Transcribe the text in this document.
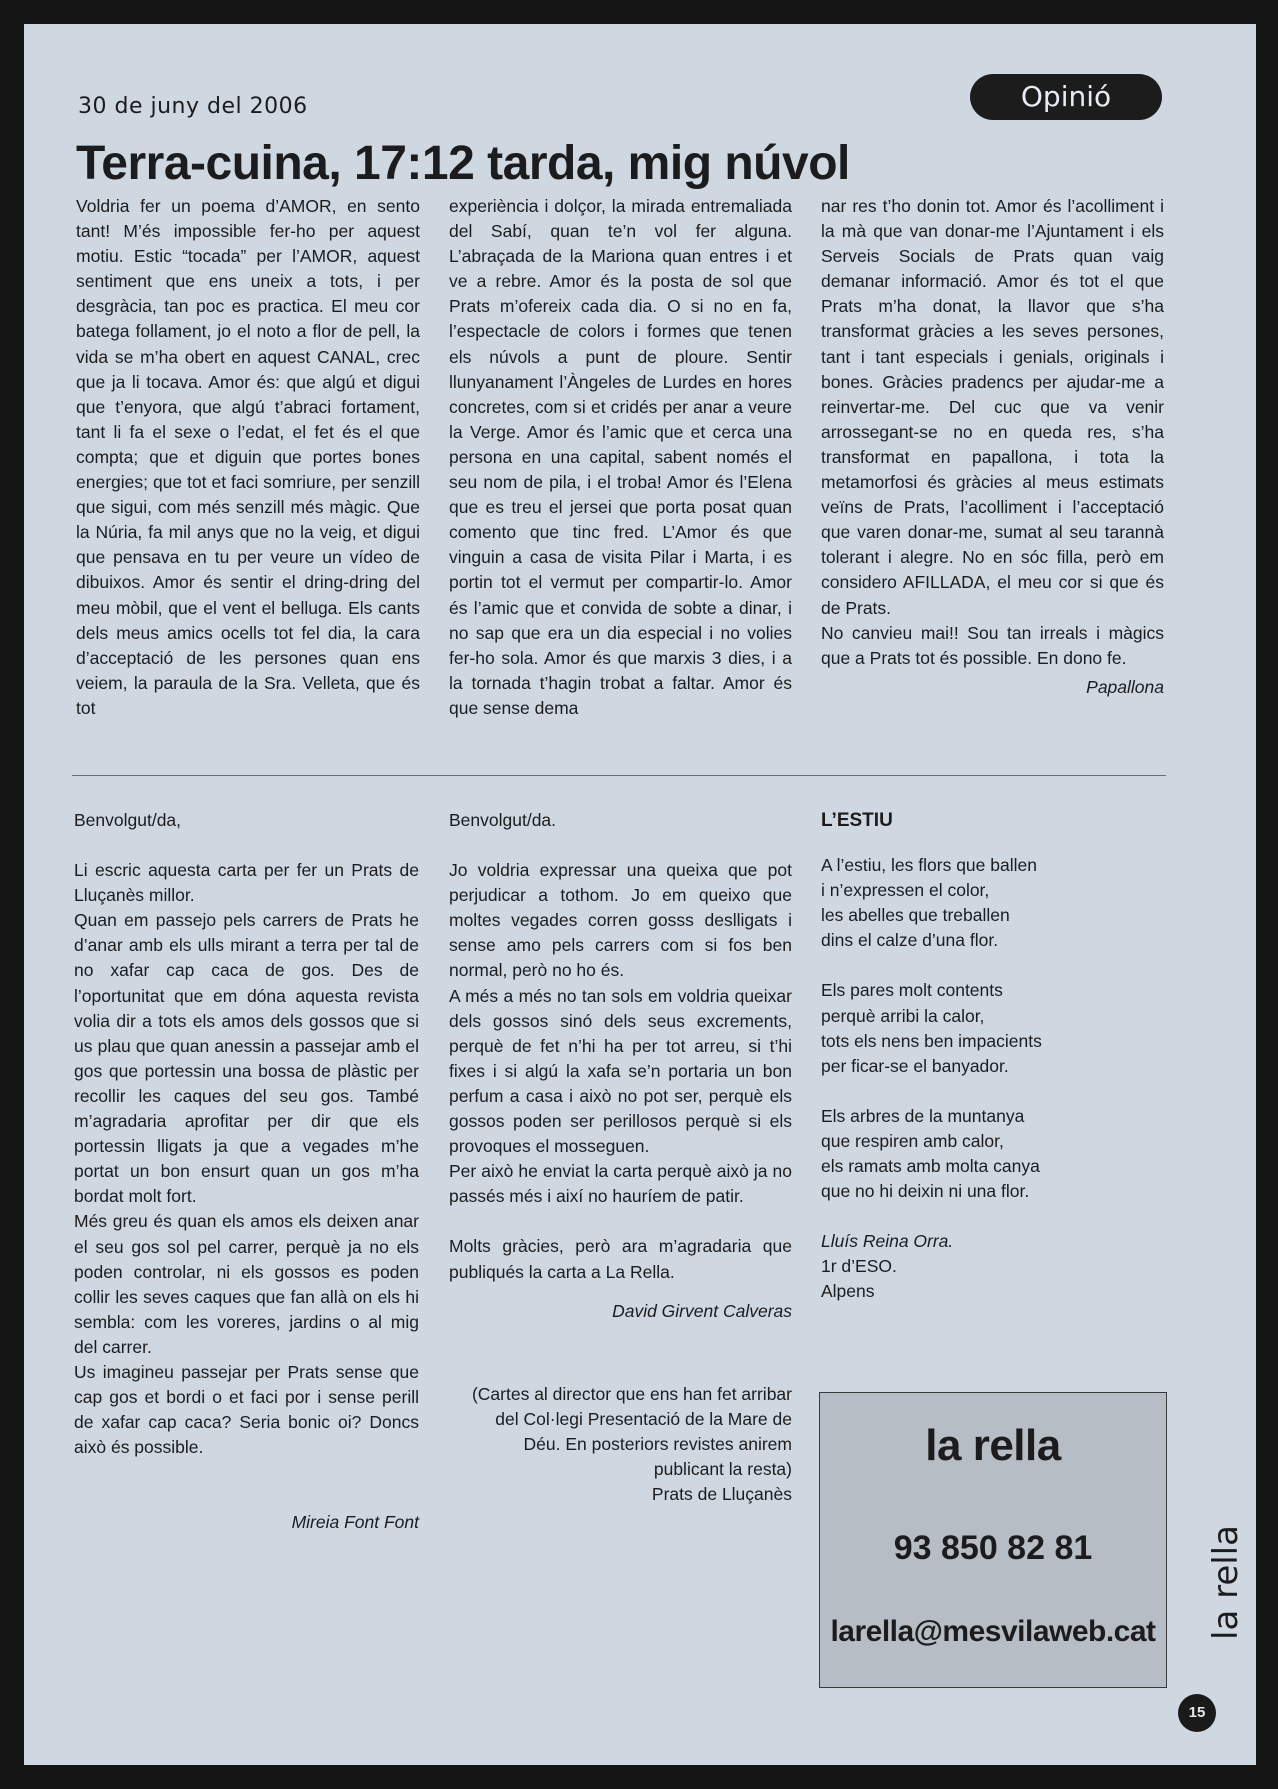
30 de juny del 2006	Opinió
Terra-cuina, 17:12 tarda, mig núvol

Voldria fer un poema d’AMOR, en sento tant! M’és impossible fer-ho per aquest motiu. Estic “tocada” per l’AMOR, aquest sentiment que ens uneix a tots, i per desgràcia, tan poc es practica. El meu cor batega follament, jo el noto a flor de pell, la vida se m’ha obert en aquest CANAL, crec que ja li tocava. Amor és: que algú et digui que t’enyora, que algú t’abraci fortament, tant li fa el sexe o l’edat, el fet és el que compta; que et diguin que portes bones energies; que tot et faci somriure, per senzill que sigui, com més senzill més màgic. Que la Núria, fa mil anys que no la veig, et digui que pensava en tu per veure un vídeo de dibuixos. Amor és sentir el dring-dring del meu mòbil, que el vent el belluga. Els cants dels meus amics ocells tot fel dia, la cara d’acceptació de les persones quan ens veiem, la paraula de la Sra. Velleta, que és tot

experiència i dolçor, la mirada entremaliada del Sabí, quan te’n vol fer alguna. L’abraçada de la Mariona quan entres i et ve a rebre. Amor és la posta de sol que Prats m’ofereix cada dia. O si no en fa, l’espectacle de colors i formes que tenen els núvols a punt de ploure. Sentir llunyanament l’Àngeles de Lurdes en hores concretes, com si et cridés per anar a veure la Verge. Amor és l’amic que et cerca una persona en una capital, sabent només el seu nom de pila, i el troba! Amor és l’Elena que es treu el jersei que porta posat quan comento que tinc fred. L’Amor és que vinguin a casa de visita Pilar i Marta, i es portin tot el vermut per compartir-lo. Amor és l’amic que et convida de sobte a dinar, i no sap que era un dia especial i no volies fer-ho sola. Amor és que marxis 3 dies, i a la tornada t’hagin trobat a faltar. Amor és que sense dema

nar res t’ho donin tot. Amor és l’acolliment i la mà que van donar-me l’Ajuntament i els Serveis Socials de Prats quan vaig demanar informació. Amor és tot el que Prats m’ha donat, la llavor que s’ha transformat gràcies a les seves persones, tant i tant especials i genials, originals i bones. Gràcies pradencs per ajudar-me a reinvertar-me. Del cuc que va venir arrossegant-se no en queda res, s’ha transformat en papallona, i tota la metamorfosi és gràcies al meus estimats veïns de Prats, l’acolliment i l’acceptació que varen donar-me, sumat al seu tarannà tolerant i alegre. No en sóc filla, però em considero AFILLADA, el meu cor si que és de Prats.

No canvieu mai!! Sou tan irreals i màgics que a Prats tot és possible. En dono fe.

Papallona

Benvolgut/da,

Li escric aquesta carta per fer un Prats de Lluçanès millor.

Quan em passejo pels carrers de Prats he d’anar amb els ulls mirant a terra per tal de no xafar cap caca de gos. Des de l’oportunitat que em dóna aquesta revista volia dir a tots els amos dels gossos que si us plau que quan anessin a passejar amb el gos que portessin una bossa de plàstic per recollir les caques del seu gos. També m’agradaria aprofitar per dir que els portessin lligats ja que a vegades m’he portat un bon ensurt quan un gos m’ha bordat molt fort.

Més greu és quan els amos els deixen anar el seu gos sol pel carrer, perquè ja no els poden controlar, ni els gossos es poden collir les seves caques que fan allà on els hi sembla: com les voreres, jardins o al mig del carrer.

Us imagineu passejar per Prats sense que cap gos et bordi o et faci por i sense perill de xafar cap caca? Seria bonic oi? Doncs això és possible.

Mireia Font Font

Benvolgut/da.

Jo voldria expressar una queixa que pot perjudicar a tothom. Jo em queixo que moltes vegades corren gosss deslligats i sense amo pels carrers com si fos ben normal, però no ho és.

A més a més no tan sols em voldria queixar dels gossos sinó dels seus excrements, perquè de fet n’hi ha per tot arreu, si t’hi fixes i si algú la xafa se’n portaria un bon perfum a casa i això no pot ser, perquè els gossos poden ser perillosos perquè si els provoques el mosseguen.

Per això he enviat la carta perquè això ja no passés més i així no hauríem de patir.

Molts gràcies, però ara m’agradaria que publiqués la carta a La Rella.

David Girvent Calveras

(Cartes al director que ens han fet arribar del Col·legi Presentació de la Mare de Déu. En posteriors revistes anirem publicant la resta)

Prats de Lluçanès

L’ESTIU

A l’estiu, les flors que ballen

i n’expressen el color,

les abelles que treballen

dins el calze d’una flor.

Els pares molt contents

perquè arribi la calor,

tots els nens ben impacients

per ficar-se el banyador.

Els arbres de la muntanya

que respiren amb calor,

els ramats amb molta canya

que no hi deixin ni una flor.

Lluís Reina Orra.

1r d’ESO.

Alpens

la rella
93 850 82 81
larella@mesvilaweb.cat	la rella
15
